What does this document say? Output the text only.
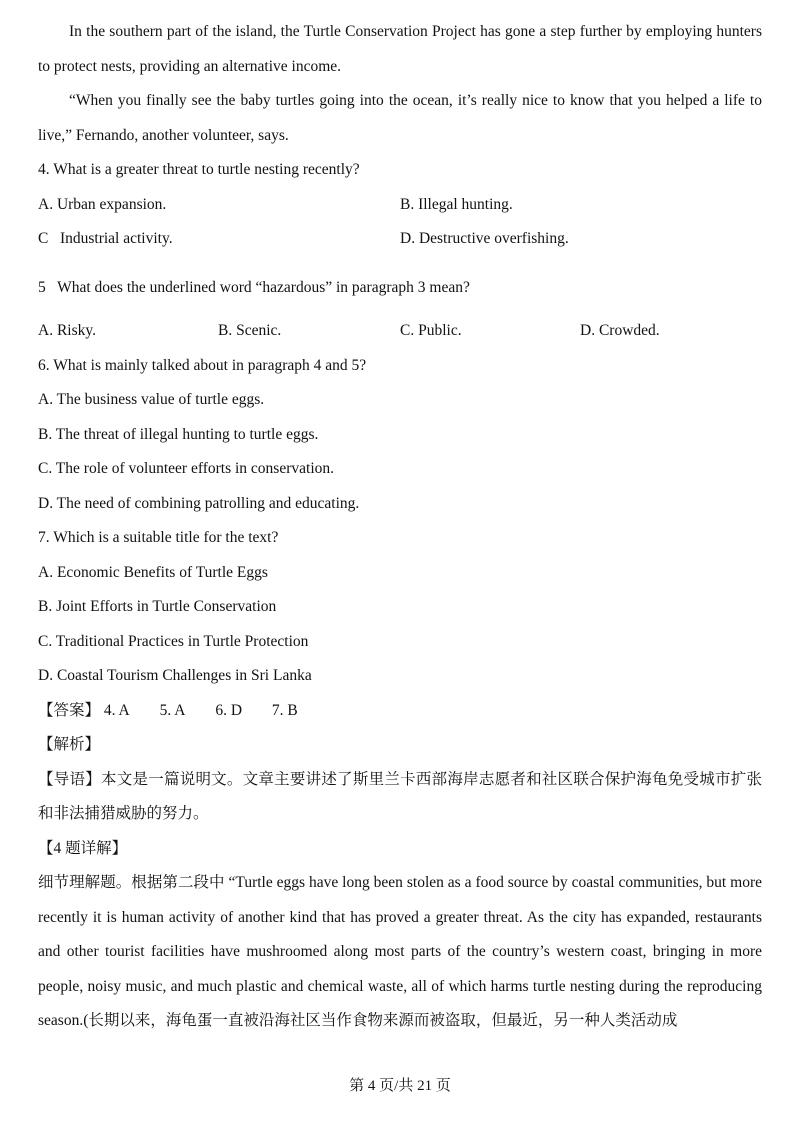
In the southern part of the island, the Turtle Conservation Project has gone a step further by employing hunters to protect nests, providing an alternative income.

“When you finally see the baby turtles going into the ocean, it’s really nice to know that you helped a life to live,” Fernando, another volunteer, says.

4. What is a greater threat to turtle nesting recently?
A. Urban expansion.	B. Illegal hunting.
C   Industrial activity.	D. Destructive overfishing.
5   What does the underlined word “hazardous” in paragraph 3 mean?
A. Risky.	B. Scenic.	C. Public.	D. Crowded.
6. What is mainly talked about in paragraph 4 and 5?
A. The business value of turtle eggs.
B. The threat of illegal hunting to turtle eggs.
C. The role of volunteer efforts in conservation.
D. The need of combining patrolling and educating.
7. Which is a suitable title for the text?
A. Economic Benefits of Turtle Eggs
B. Joint Efforts in Turtle Conservation
C. Traditional Practices in Turtle Protection
D. Coastal Tourism Challenges in Sri Lanka
【答案】 4. A 5. A 6. D 7. B
【解析】

【导语】本文是一篇说明文。文章主要讲述了斯里兰卡西部海岸志愿者和社区联合保护海龟免受城市扩张和非法捕猎威胁的努力。

【4 题详解】

细节理解题。根据第二段中 “Turtle eggs have long been stolen as a food source by coastal communities, but more recently it is human activity of another kind that has proved a greater threat. As the city has expanded, restaurants and other tourist facilities have mushroomed along most parts of the country’s western coast, bringing in more people, noisy music, and much plastic and chemical waste, all of which harms turtle nesting during the reproducing season.(长期以来，海龟蛋一直被沿海社区当作食物来源而被盗取，但最近，另一种人类活动成

第 4 页/共 21 页
